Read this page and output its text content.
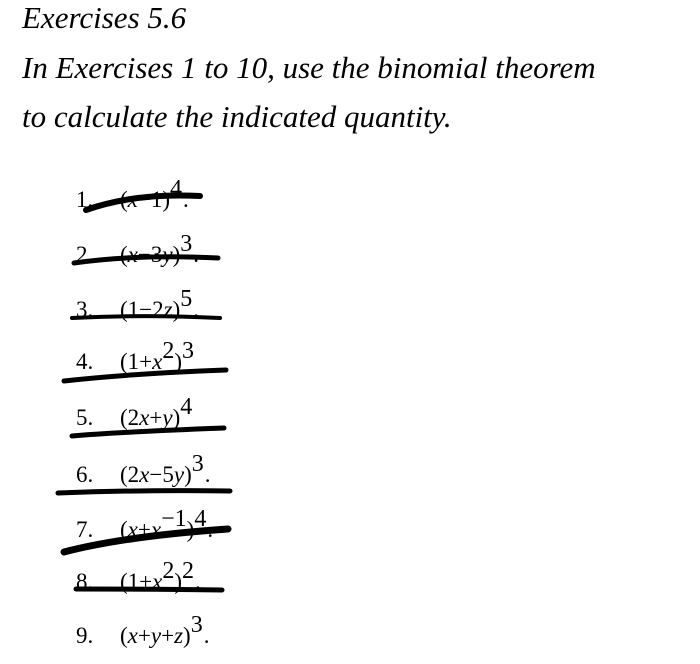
Exercises 5.6
In Exercises 1 to 10, use the binomial theorem
to calculate the indicated quantity.
1. $(x-1)^4$.
2. $(x-3y)^3$.
3. $(1-2z)^5$.
4. $(1+x^2)^3$
5. $(2x+y)^4$
6. $(2x-5y)^3$.
7. $(x+x^{-1})^4$.
8. $(1+x^2)^2$.
9. $(x+y+z)^3$.
